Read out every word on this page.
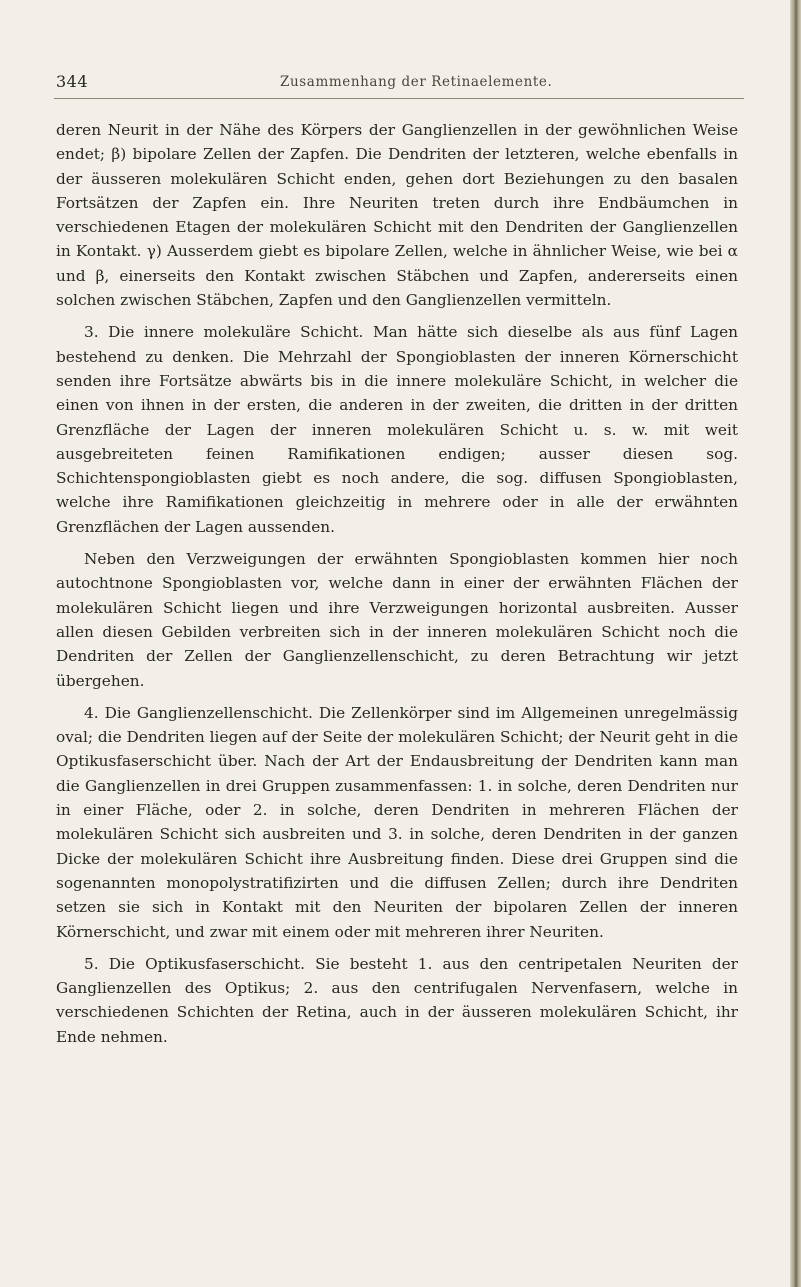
344	Zusammenhang der Retinaelemente.

deren Neurit in der Nähe des Körpers der Ganglienzellen in der gewöhnlichen Weise endet; β) bipolare Zellen der Zapfen. Die Dendriten der letzteren, welche ebenfalls in der äusseren molekulären Schicht enden, gehen dort Beziehungen zu den basalen Fortsätzen der Zapfen ein. Ihre Neuriten treten durch ihre Endbäumchen in verschiedenen Etagen der molekulären Schicht mit den Dendriten der Ganglienzellen in Kontakt. γ) Ausserdem giebt es bipolare Zellen, welche in ähnlicher Weise, wie bei α und β, einerseits den Kontakt zwischen Stäbchen und Zapfen, andererseits einen solchen zwischen Stäbchen, Zapfen und den Ganglienzellen vermitteln.

3. Die innere molekuläre Schicht. Man hätte sich dieselbe als aus fünf Lagen bestehend zu denken. Die Mehrzahl der Spongioblasten der inneren Körnerschicht senden ihre Fortsätze abwärts bis in die innere molekuläre Schicht, in welcher die einen von ihnen in der ersten, die anderen in der zweiten, die dritten in der dritten Grenzfläche der Lagen der inneren molekulären Schicht u. s. w. mit weit ausgebreiteten feinen Ramifikationen endigen; ausser diesen sog. Schichtenspongioblasten giebt es noch andere, die sog. diffusen Spongioblasten, welche ihre Ramifikationen gleichzeitig in mehrere oder in alle der erwähnten Grenzflächen der Lagen aussenden.

Neben den Verzweigungen der erwähnten Spongioblasten kommen hier noch autochtnone Spongioblasten vor, welche dann in einer der erwähnten Flächen der molekulären Schicht liegen und ihre Verzweigungen horizontal ausbreiten. Ausser allen diesen Gebilden verbreiten sich in der inneren molekulären Schicht noch die Dendriten der Zellen der Ganglienzellenschicht, zu deren Betrachtung wir jetzt übergehen.

4. Die Ganglienzellenschicht. Die Zellenkörper sind im Allgemeinen unregelmässig oval; die Dendriten liegen auf der Seite der molekulären Schicht; der Neurit geht in die Optikusfaserschicht über. Nach der Art der Endausbreitung der Dendriten kann man die Ganglienzellen in drei Gruppen zusammenfassen: 1. in solche, deren Dendriten nur in einer Fläche, oder 2. in solche, deren Dendriten in mehreren Flächen der molekulären Schicht sich ausbreiten und 3. in solche, deren Dendriten in der ganzen Dicke der molekulären Schicht ihre Ausbreitung finden. Diese drei Gruppen sind die sogenannten monopolystratifizirten und die diffusen Zellen; durch ihre Dendriten setzen sie sich in Kontakt mit den Neuriten der bipolaren Zellen der inneren Körnerschicht, und zwar mit einem oder mit mehreren ihrer Neuriten.

5. Die Optikusfaserschicht. Sie besteht 1. aus den centripetalen Neuriten der Ganglienzellen des Optikus; 2. aus den centrifugalen Nervenfasern, welche in verschiedenen Schichten der Retina, auch in der äusseren molekulären Schicht, ihr Ende nehmen.
